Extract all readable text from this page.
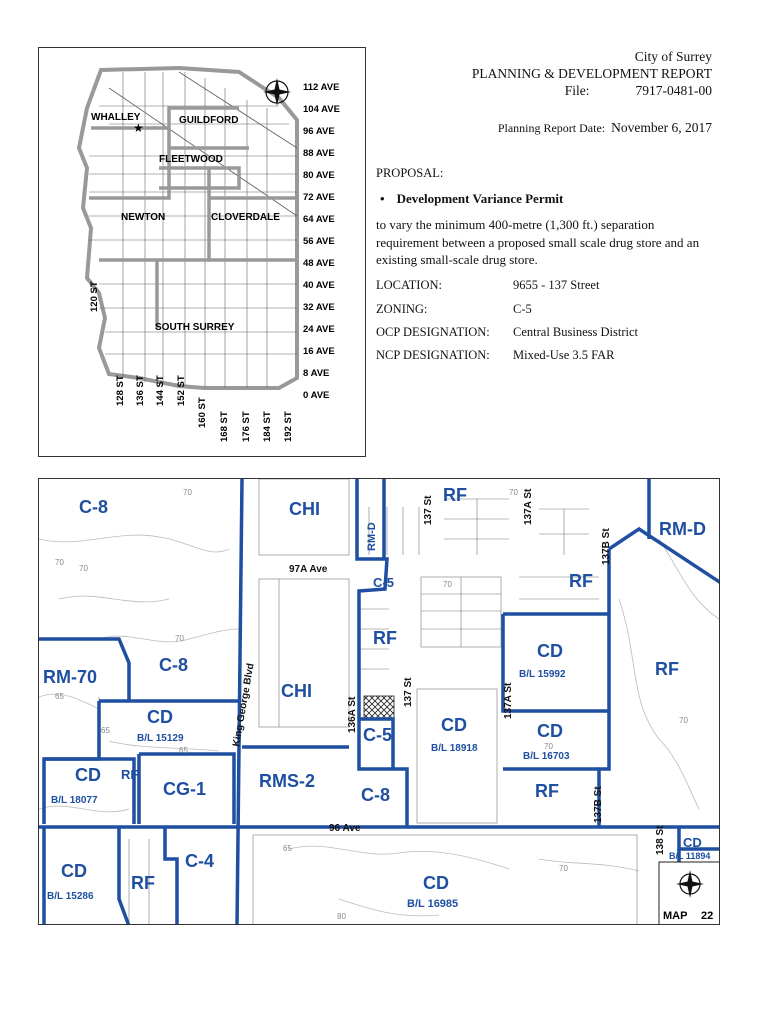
City of Surrey
PLANNING & DEVELOPMENT REPORT
File:	7917-0481-00
Planning Report Date: November 6, 2017
PROPOSAL:
• Development Variance Permit
to vary the minimum 400-metre (1,300 ft.) separation requirement between a proposed small scale drug store and an existing small-scale drug store.
LOCATION:	9655 - 137 Street
ZONING:	C-5
OCP DESIGNATION: Central Business District
NCP DESIGNATION: Mixed-Use 3.5 FAR
WHALLEY	GUILDFORD
FLEETWOOD
NEWTON	CLOVERDALE
SOUTH SURREY
★
112 AVE
104 AVE
96 AVE
88 AVE
80 AVE
72 AVE
64 AVE
56 AVE
48 AVE
40 AVE
32 AVE
24 AVE
16 AVE
8 AVE
0 AVE
120 ST
128 ST 136 ST 144 ST 152 ST
160 ST 168 ST 176 ST 184 ST 192 ST
97A Ave
96 Ave
King George Blvd
137 St	137A St
137B St
136A St
137 St	137A St
137B St
138 St
70
70
70
70
70
65
65
65
70
70
65
80
70
70
C-8	CHI
RM-D
RF
RM-D
C-5	RF
RF
RF
RM-70
C-8
CHI
CD
B/L 15129
CD
B/L 18077
RF
CG-1	RMS-2
C-5
C-8
CD
B/L 18918
CD
B/L 15992
CD
B/L 16703
RF
CD
B/L 15286
RF
C-4
CD
B/L 16985
CD
B/L 11894
MAP 22
